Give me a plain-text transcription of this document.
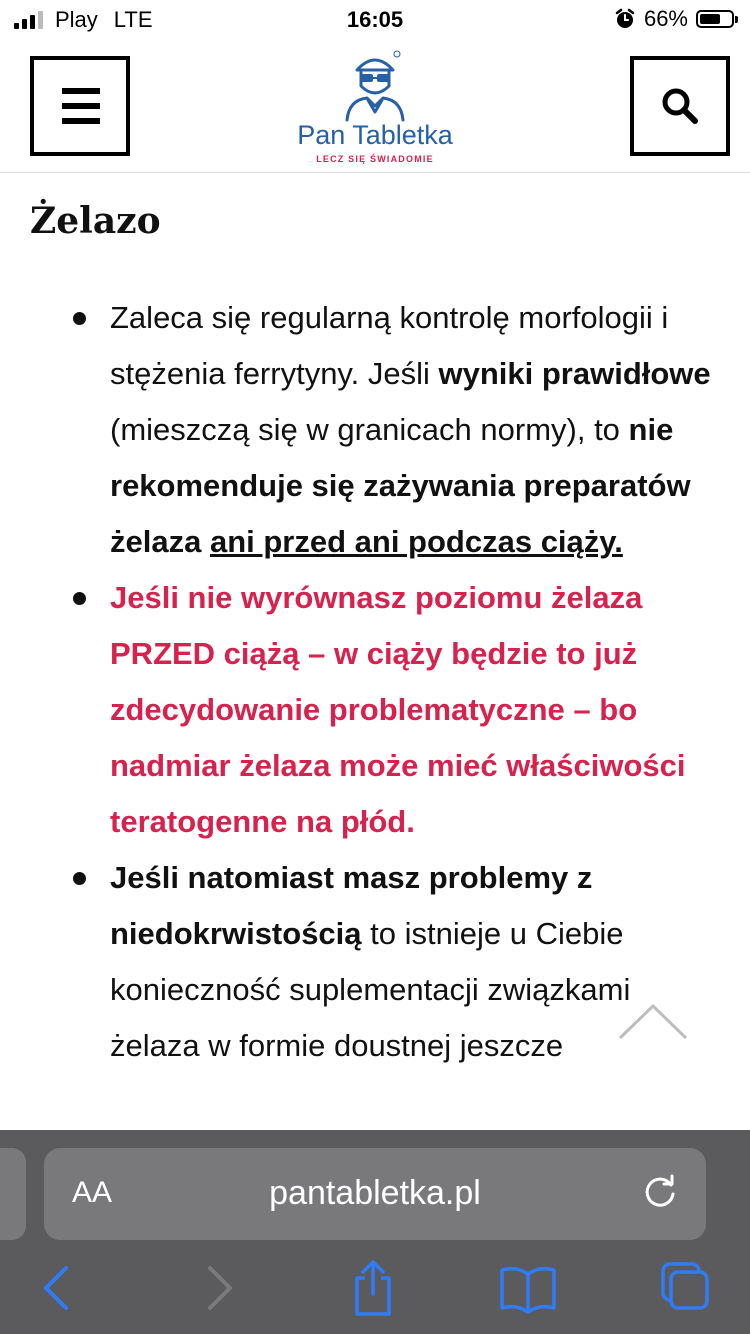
Play LTE	16:05	66%
Pan Tabletka
LECZ SIĘ ŚWIADOMIE
Żelazo
Zaleca się regularną kontrolę morfologii i stężenia ferrytyny. Jeśli wyniki prawidłowe (mieszczą się w granicach normy), to nie rekomenduje się zażywania preparatów żelaza ani przed ani podczas ciąży.
Jeśli nie wyrównasz poziomu żelaza PRZED ciążą – w ciąży będzie to już zdecydowanie problematyczne – bo nadmiar żelaza może mieć właściwości teratogenne na płód.
Jeśli natomiast masz problemy z niedokrwistością to istnieje u Ciebie konieczność suplementacji związkami żelaza w formie doustnej jeszcze
AA	pantabletka.pl
